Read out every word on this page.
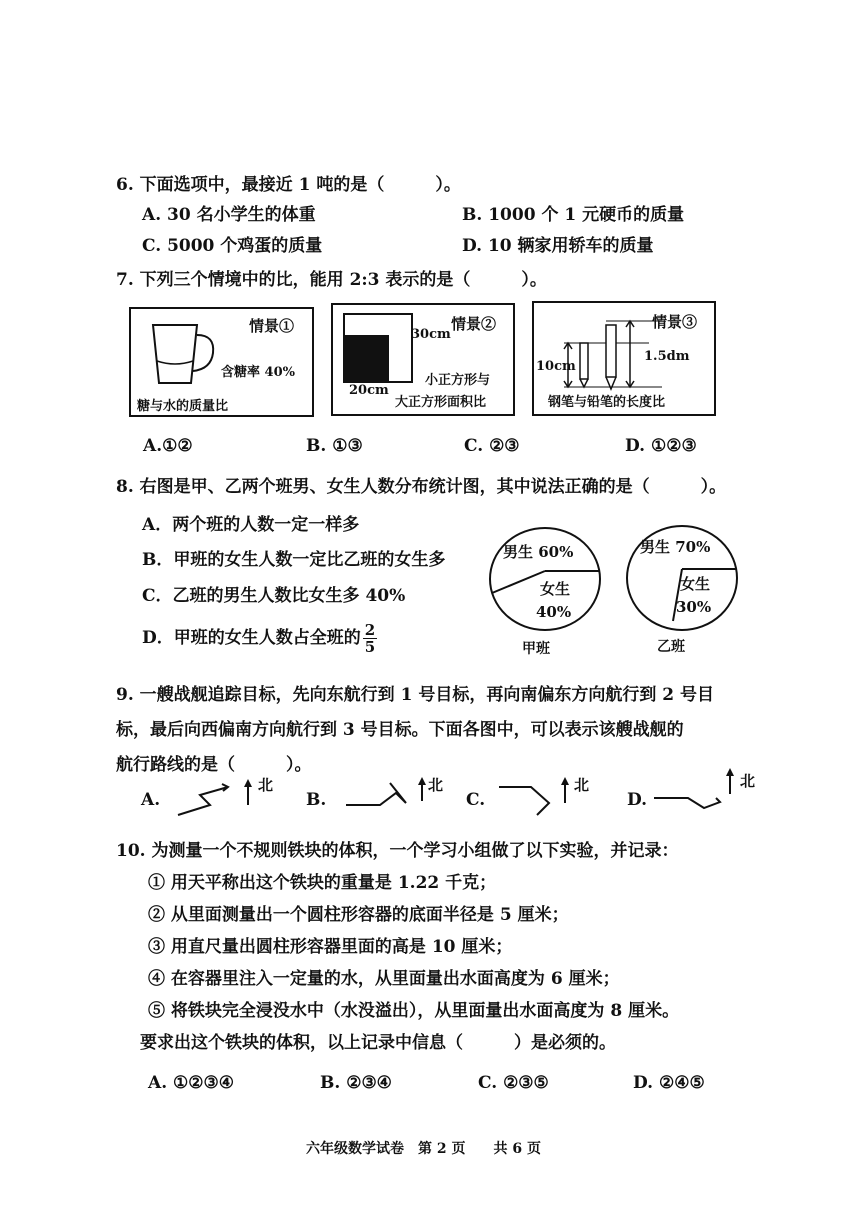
6. 下面选项中，最接近 1 吨的是（　　　）。
A. 30 名小学生的体重	B. 1000 个 1 元硬币的质量
C. 5000 个鸡蛋的质量	D. 10 辆家用轿车的质量
7. 下列三个情境中的比，能用 2:3 表示的是（　　　）。
情景①
含糖率 40%
糖与水的质量比
30cm
情景②
20cm
小正方形与
大正方形面积比
情景③
10cm
1.5dm
钢笔与铅笔的长度比
A.①②	B. ①③	C. ②③	D. ①②③
8. 右图是甲、乙两个班男、女生人数分布统计图，其中说法正确的是（　　　）。
A．两个班的人数一定一样多
B．甲班的女生人数一定比乙班的女生多
C．乙班的男生人数比女生多 40%
D．甲班的女生人数占全班的 $\frac{2}{5}$
男生 60%
女生
40%
甲班
男生 70%
女生
30%
乙班
9. 一艘战舰追踪目标，先向东航行到 1 号目标，再向南偏东方向航行到 2 号目
标，最后向西偏南方向航行到 3 号目标。下面各图中，可以表示该艘战舰的
航行路线的是（　　　）。
A.
北
B.
北
C.
北
D.
北
10. 为测量一个不规则铁块的体积，一个学习小组做了以下实验，并记录：
① 用天平称出这个铁块的重量是 1.22 千克；
② 从里面测量出一个圆柱形容器的底面半径是 5 厘米；
③ 用直尺量出圆柱形容器里面的高是 10 厘米；
④ 在容器里注入一定量的水，从里面量出水面高度为 6 厘米；
⑤ 将铁块完全浸没水中（水没溢出），从里面量出水面高度为 8 厘米。
要求出这个铁块的体积，以上记录中信息（　　　）是必须的。
A. ①②③④	B. ②③④	C. ②③⑤	D. ②④⑤
六年级数学试卷　第 2 页　　共 6 页
